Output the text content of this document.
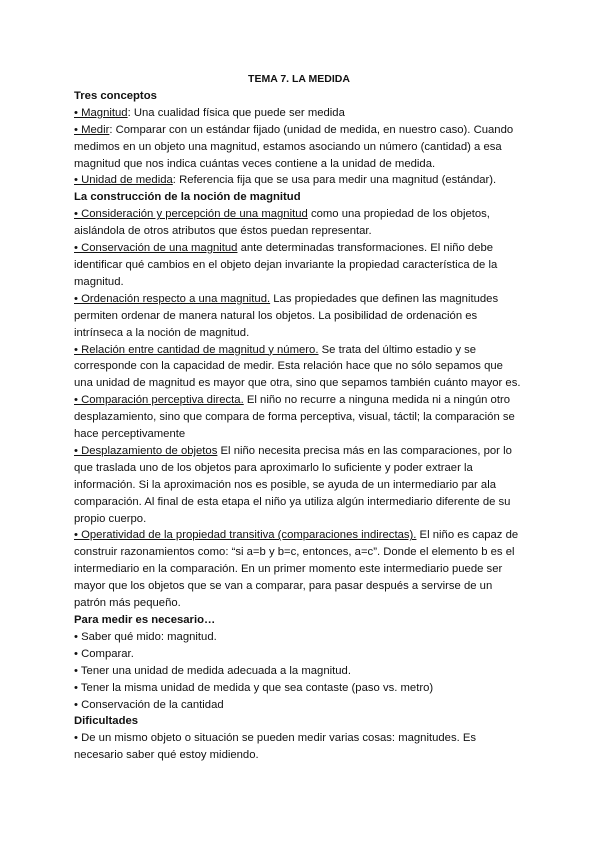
TEMA 7. LA MEDIDA
Tres conceptos

• Magnitud: Una cualidad física que puede ser medida

• Medir: Comparar con un estándar fijado (unidad de medida, en nuestro caso). Cuando medimos en un objeto una magnitud, estamos asociando un número (cantidad) a esa magnitud que nos indica cuántas veces contiene a la unidad de medida.

• Unidad de medida: Referencia fija que se usa para medir una magnitud (estándar).

La construcción de la noción de magnitud

• Consideración y percepción de una magnitud como una propiedad de los objetos, aislándola de otros atributos que éstos puedan representar.

• Conservación de una magnitud ante determinadas transformaciones. El niño debe identificar qué cambios en el objeto dejan invariante la propiedad característica de la magnitud.

• Ordenación respecto a una magnitud. Las propiedades que definen las magnitudes permiten ordenar de manera natural los objetos. La posibilidad de ordenación es intrínseca a la noción de magnitud.

• Relación entre cantidad de magnitud y número. Se trata del último estadio y se corresponde con la capacidad de medir. Esta relación hace que no sólo sepamos que una unidad de magnitud es mayor que otra, sino que sepamos también cuánto mayor es.

• Comparación perceptiva directa. El niño no recurre a ninguna medida ni a ningún otro desplazamiento, sino que compara de forma perceptiva, visual, táctil; la comparación se hace perceptivamente

• Desplazamiento de objetos El niño necesita precisa más en las comparaciones, por lo que traslada uno de los objetos para aproximarlo lo suficiente y poder extraer la información. Si la aproximación nos es posible, se ayuda de un intermediario par ala comparación. Al final de esta etapa el niño ya utiliza algún intermediario diferente de su propio cuerpo.

• Operatividad de la propiedad transitiva (comparaciones indirectas). El niño es capaz de construir razonamientos como: “si a=b y b=c, entonces, a=c”. Donde el elemento b es el intermediario en la comparación. En un primer momento este intermediario puede ser mayor que los objetos que se van a comparar, para pasar después a servirse de un patrón más pequeño.

Para medir es necesario…

• Saber qué mido: magnitud.

• Comparar.

• Tener una unidad de medida adecuada a la magnitud.

• Tener la misma unidad de medida y que sea contaste (paso vs. metro)

• Conservación de la cantidad

Dificultades

• De un mismo objeto o situación se pueden medir varias cosas: magnitudes. Es necesario saber qué estoy midiendo.
